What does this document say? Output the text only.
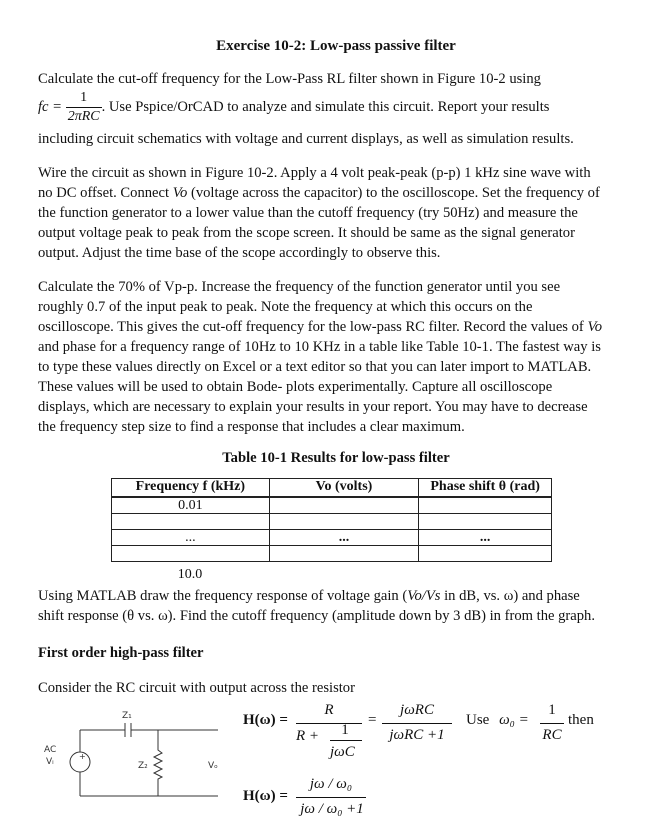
Exercise 10-2: Low-pass passive filter
Calculate the cut-off frequency for the Low-Pass RL filter shown in Figure 10-2 using
fc = $\frac{1}{\text{2πRC}}$ . Use Pspice/OrCAD to analyze and simulate this circuit. Report your results
including circuit schematics with voltage and current displays, as well as simulation results.
Wire the circuit as shown in Figure 10-2. Apply a 4 volt peak-peak (p-p) 1 kHz sine wave with
no DC offset. Connect Vo (voltage across the capacitor) to the oscilloscope. Set the frequency of
the function generator to a lower value than the cutoff frequency (try 50Hz) and measure the
output voltage peak to peak from the scope screen. It should be same as the signal generator
output. Adjust the time base of the scope accordingly to observe this.
Calculate the 70% of Vp-p. Increase the frequency of the function generator until you see
roughly 0.7 of the input peak to peak. Note the frequency at which this occurs on the
oscilloscope. This gives the cut-off frequency for the low-pass RC filter. Record the values of Vo
and phase for a frequency range of 10Hz to 10 KHz in a table like Table 10-1. The fastest way is
to type these values directly on Excel or a text editor so that you can later import to MATLAB.
These values will be used to obtain Bode- plots experimentally. Capture all oscilloscope
displays, which are necessary to explain your results in your report. You may have to decrease
the frequency step size to find a response that includes a clear maximum.
Table 10-1 Results for low-pass filter
Frequency f (kHz)	Vo (volts)	Phase shift θ (rad)
0.01		

...	...	...

10.0
Using MATLAB draw the frequency response of voltage gain (Vo/Vs in dB, vs. ω) and phase
shift response (θ vs. ω). Find the cutoff frequency (amplitude down by 3 dB) in from the graph.
First order high-pass filter
Consider the RC circuit with output across the resistor
+
Z₁
Z₂
AC
Vᵢ	Vₒ
H(ω) =
R
R +	1
jωC
=
jωRC
jωRC +1
Use ω₀ =
1
RC
then
H(ω) =
jω / ω₀
jω / ω₀ +1
